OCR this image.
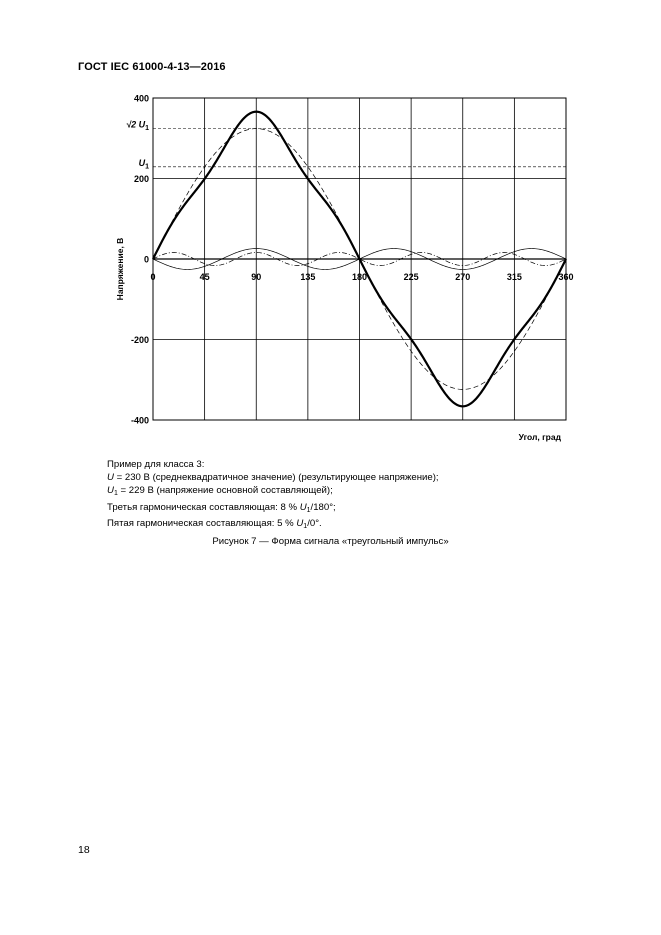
ГОСТ IEC 61000-4-13—2016
0	45	90	135	180	225	270	315	360
400
200
0
-200
-400
√2 $U_1$
$U_1$
Напряжение, В
Угол, град
Пример для класса 3:
U = 230 В (среднеквадратичное значение) (результирующее напряжение);
$U_1 = 229$ В (напряжение основной составляющей);
Третья гармоническая составляющая: 8 % $U_1/180^\circ$;
Пятая гармоническая составляющая: 5 % $U_1/0^\circ$.
Рисунок 7 — Форма сигнала «треугольный импульс»
18
